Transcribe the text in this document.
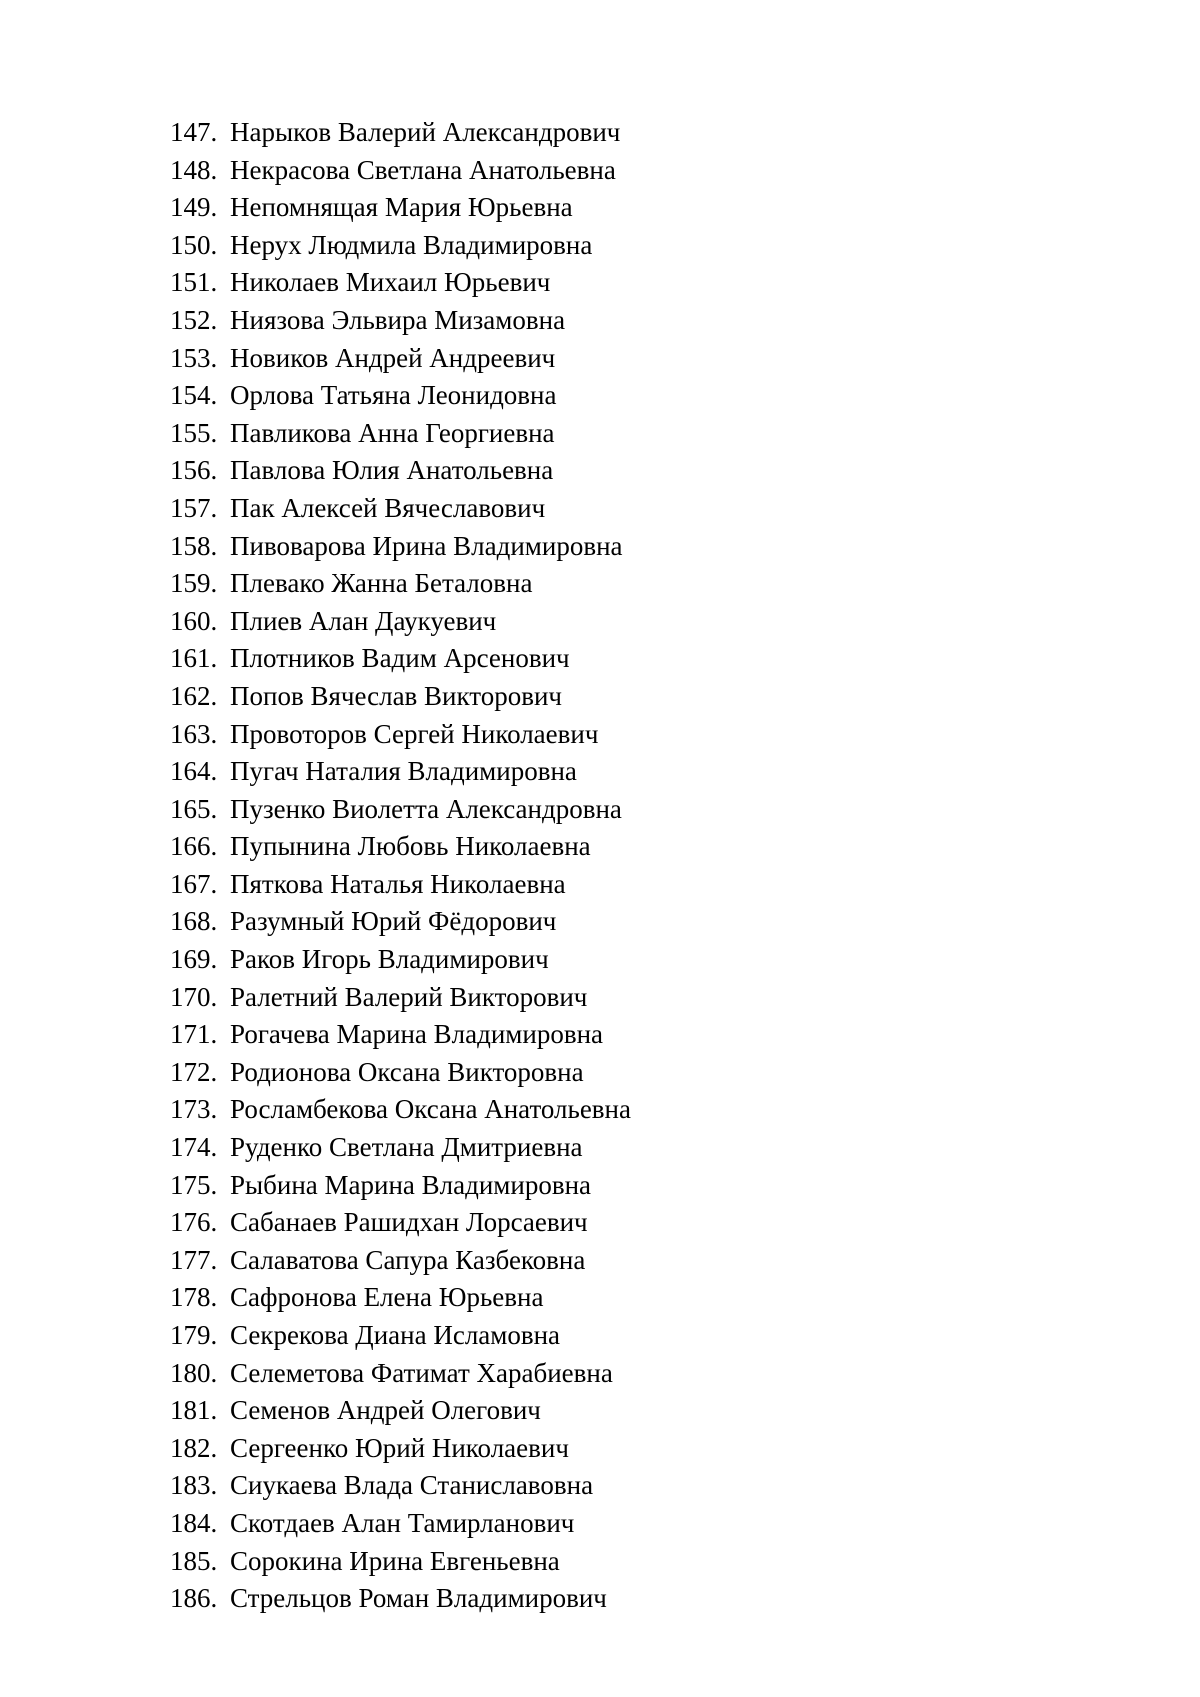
147. Нарыков Валерий Александрович
148. Некрасова Светлана Анатольевна
149. Непомнящая Мария Юрьевна
150. Нерух Людмила Владимировна
151. Николаев Михаил Юрьевич
152. Ниязова Эльвира Мизамовна
153. Новиков Андрей Андреевич
154. Орлова Татьяна Леонидовна
155. Павликова Анна Георгиевна
156. Павлова Юлия Анатольевна
157. Пак Алексей Вячеславович
158. Пивоварова Ирина Владимировна
159. Плевако Жанна Беталовна
160. Плиев Алан Даукуевич
161. Плотников Вадим Арсенович
162. Попов Вячеслав Викторович
163. Провоторов Сергей Николаевич
164. Пугач Наталия Владимировна
165. Пузенко Виолетта Александровна
166. Пупынина Любовь Николаевна
167. Пяткова Наталья Николаевна
168. Разумный Юрий Фёдорович
169. Раков Игорь Владимирович
170. Ралетний Валерий Викторович
171. Рогачева Марина Владимировна
172. Родионова Оксана Викторовна
173. Росламбекова Оксана Анатольевна
174. Руденко Светлана Дмитриевна
175. Рыбина Марина Владимировна
176. Сабанаев Рашидхан Лорсаевич
177. Салаватова Сапура Казбековна
178. Сафронова Елена Юрьевна
179. Секрекова Диана Исламовна
180. Селеметова Фатимат Харабиевна
181. Семенов Андрей Олегович
182. Сергеенко Юрий Николаевич
183. Сиукаева Влада Станиславовна
184. Скотдаев Алан Тамирланович
185. Сорокина Ирина Евгеньевна
186. Стрельцов Роман Владимирович
